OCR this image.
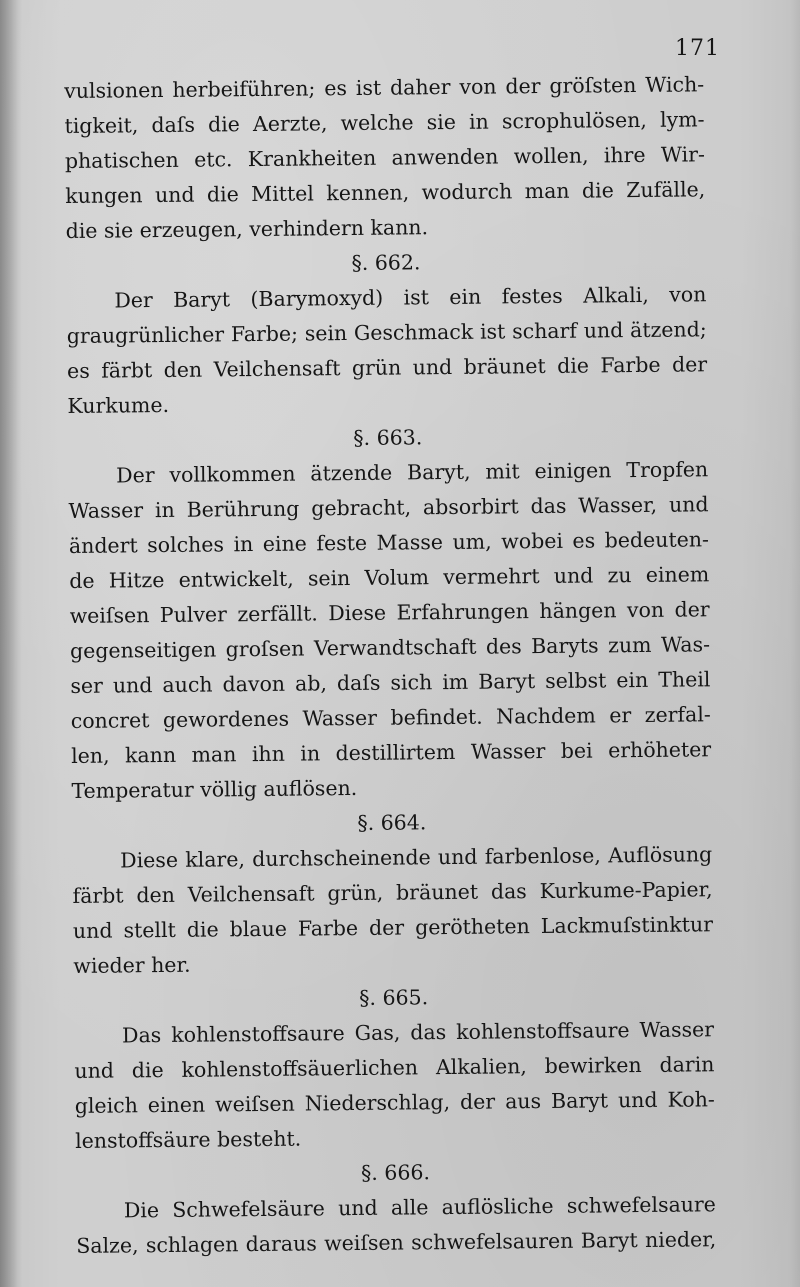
171

vulsionen herbeiführen; es ist daher von der gröſsten Wich-
tigkeit, daſs die Aerzte, welche sie in scrophulösen, lym-
phatischen etc. Krankheiten anwenden wollen, ihre Wir-
kungen und die Mittel kennen, wodurch man die Zufälle,
die sie erzeugen, verhindern kann.

§. 662.

Der Baryt (Barymoxyd) ist ein festes Alkali, von
graugrünlicher Farbe; sein Geschmack ist scharf und ätzend;
es färbt den Veilchensaft grün und bräunet die Farbe der
Kurkume.

§. 663.

Der vollkommen ätzende Baryt, mit einigen Tropfen
Wasser in Berührung gebracht, absorbirt das Wasser, und
ändert solches in eine feste Masse um, wobei es bedeuten-
de Hitze entwickelt, sein Volum vermehrt und zu einem
weiſsen Pulver zerfällt. Diese Erfahrungen hängen von der
gegenseitigen groſsen Verwandtschaft des Baryts zum Was-
ser und auch davon ab, daſs sich im Baryt selbst ein Theil
concret gewordenes Wasser befindet. Nachdem er zerfal-
len, kann man ihn in destillirtem Wasser bei erhöheter
Temperatur völlig auflösen.

§. 664.

Diese klare, durchscheinende und farbenlose, Auflösung
färbt den Veilchensaft grün, bräunet das Kurkume-Papier,
und stellt die blaue Farbe der gerötheten Lackmuſstinktur
wieder her.

§. 665.

Das kohlenstoffsaure Gas, das kohlenstoffsaure Wasser
und die kohlenstoffsäuerlichen Alkalien, bewirken darin
gleich einen weiſsen Niederschlag, der aus Baryt und Koh-
lenstoffsäure besteht.

§. 666.

Die Schwefelsäure und alle auflösliche schwefelsaure
Salze, schlagen daraus weiſsen schwefelsauren Baryt nieder,
